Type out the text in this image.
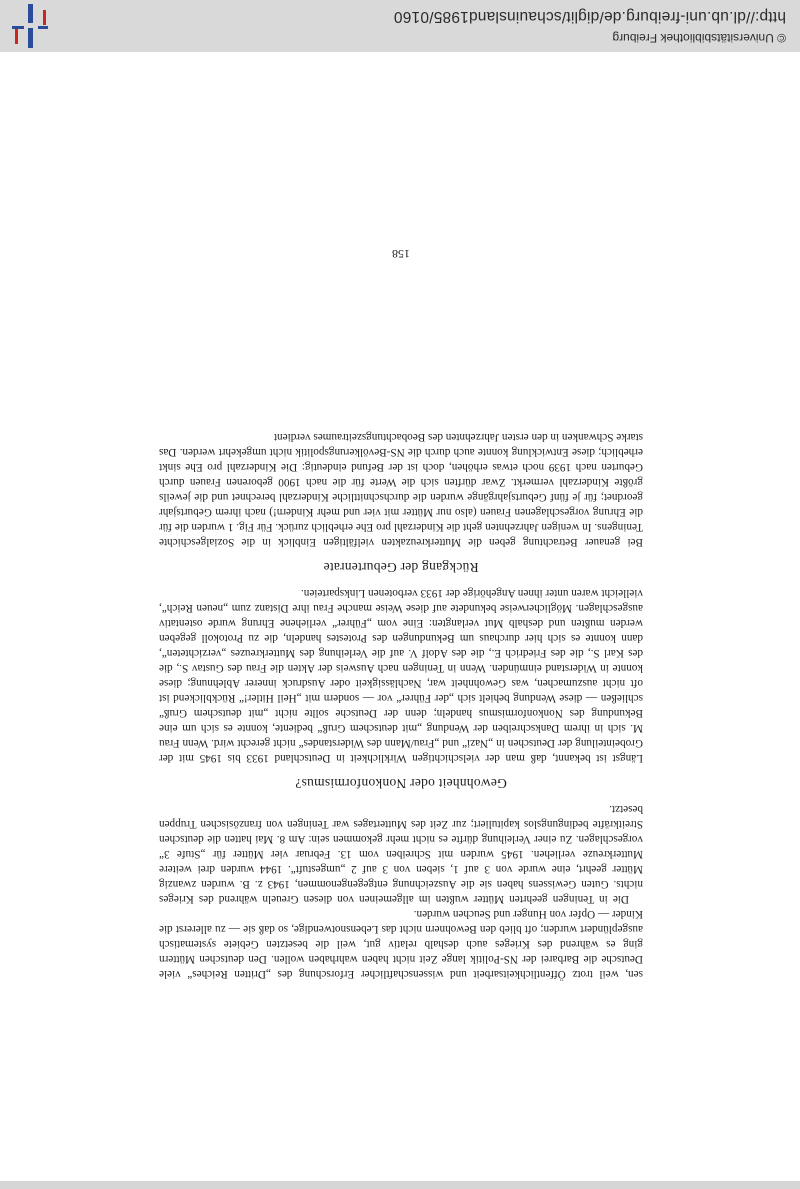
sen, weil trotz Öffentlichkeitsarbeit und wissenschaftlicher Erforschung des „Dritten Reiches“ viele Deutsche die Barbarei der NS-Politik lange Zeit nicht haben wahrhaben wollen. Den deutschen Müttern ging es während des Krieges auch deshalb relativ gut, weil die besetzten Gebiete systematisch ausgeplündert wurden; oft blieb den Bewohnern nicht das Lebensnotwendige, so daß sie — zu allererst die Kinder — Opfer von Hunger und Seuchen wurden.

Die in Teningen geehrten Mütter wußten im allgemeinen von diesen Greueln während des Krieges nichts. Guten Gewissens haben sie die Auszeichnung entgegengenommen, 1943 z. B. wurden zwanzig Mütter geehrt, eine wurde von 3 auf 1, sieben von 3 auf 2 „umgestuft“. 1944 wurden drei weitere Mutterkreuze verliehen. 1945 wurden mit Schreiben vom 13. Februar vier Mütter für „Stufe 3“ vorgeschlagen. Zu einer Verleihung dürfte es nicht mehr gekommen sein: Am 8. Mai hatten die deutschen Streitkräfte bedingungslos kapituliert; zur Zeit des Muttertages war Teningen von französischen Truppen besetzt.

Gewohnheit oder Nonkonformismus?

Längst ist bekannt, daß man der vielschichtigen Wirklichkeit in Deutschland 1933 bis 1945 mit der Grobeinteilung der Deutschen in „Nazi“ und „Frau/Mann des Widerstandes“ nicht gerecht wird. Wenn Frau M. sich in ihrem Dankschreiben der Wendung „mit deutschem Gruß“ bediente, konnte es sich um eine Bekundung des Nonkonformismus handeln; denn der Deutsche sollte nicht „mit deutschem Gruß“ schließen — diese Wendung behielt sich „der Führer“ vor — sondern mit „Heil Hitler!“ Rückblickend ist oft nicht auszumachen, was Gewohnheit war, Nachlässigkeit oder Ausdruck innerer Ablehnung; diese konnte in Widerstand einmünden. Wenn in Teningen nach Ausweis der Akten die Frau des Gustav S., die des Karl S., die des Friedrich E., die des Adolf V. auf die Verleihung des Mutterkreuzes „verzichteten“, dann konnte es sich hier durchaus um Bekundungen des Protestes handeln, die zu Protokoll gegeben werden mußten und deshalb Mut verlangten: Eine vom „Führer“ verliehene Ehrung wurde ostentativ ausgeschlagen. Möglicherweise bekundete auf diese Weise manche Frau ihre Distanz zum „neuen Reich“, vielleicht waren unter ihnen Angehörige der 1933 verbotenen Linksparteien.

Rückgang der Geburtenrate

Bei genauer Betrachtung geben die Mutterkreuzakten vielfältigen Einblick in die Sozialgeschichte Teningens. In wenigen Jahrzehnten geht die Kinderzahl pro Ehe erheblich zurück. Für Fig. 1 wurden die für die Ehrung vorgeschlagenen Frauen (also nur Mütter mit vier und mehr Kindern!) nach ihrem Geburtsjahr geordnet; für je fünf Geburtsjahrgänge wurden die durchschnittliche Kinderzahl berechnet und die jeweils größte Kinderzahl vermerkt. Zwar dürften sich die Werte für die nach 1900 geborenen Frauen durch Geburten nach 1939 noch etwas erhöhen, doch ist der Befund eindeutig: Die Kinderzahl pro Ehe sinkt erheblich; diese Entwicklung konnte auch durch die NS-Bevölkerungspolitik nicht umgekehrt werden. Das starke Schwanken in den ersten Jahrzehnten des Beobachtungszeitraumes verdient

158
© Universitätsbibliothek Freiburg
http://dl.ub.uni-freiburg.de/diglit/schauinsland1985/0160
